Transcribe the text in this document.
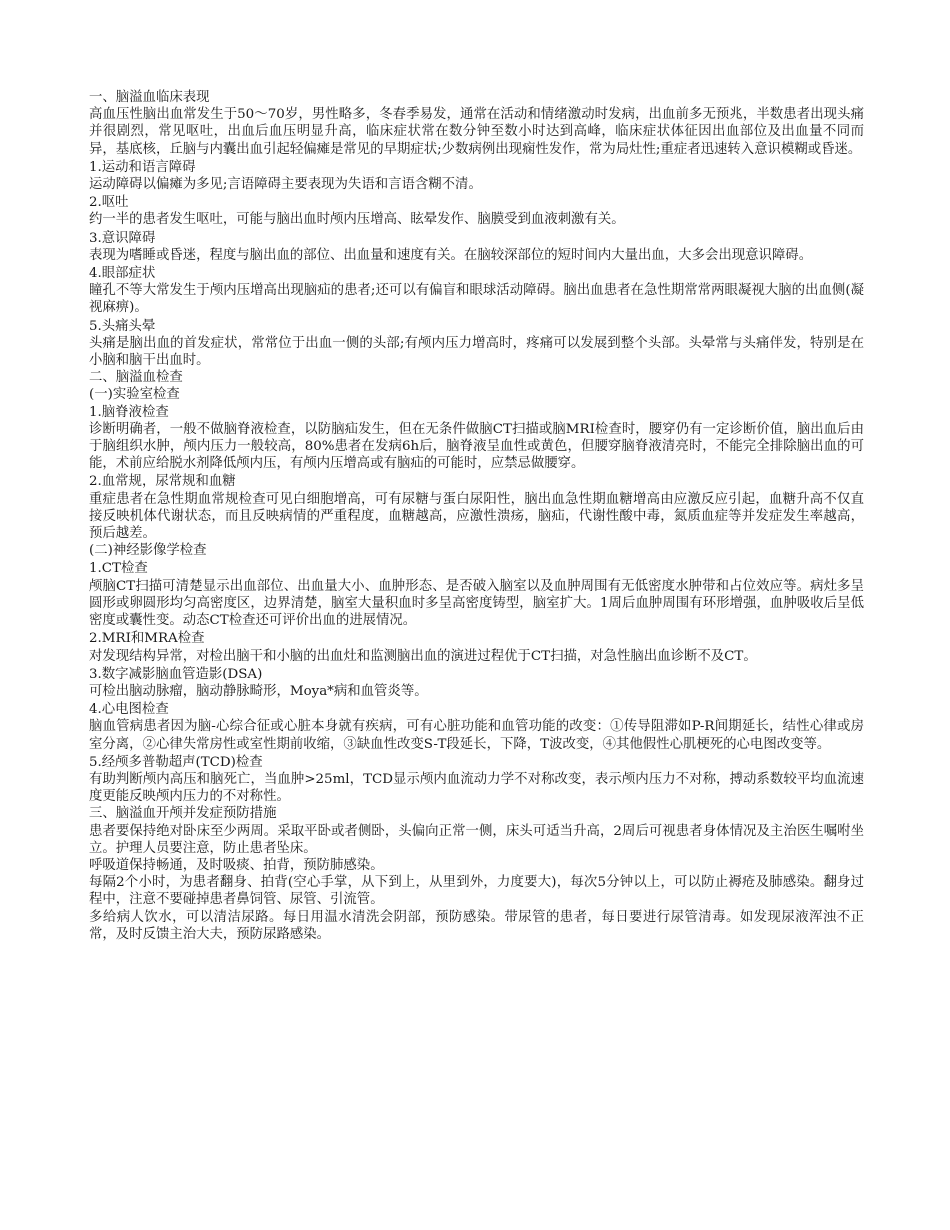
一、脑溢血临床表现

高血压性脑出血常发生于50～70岁，男性略多，冬春季易发，通常在活动和情绪激动时发病，出血前多无预兆，半数患者出现头痛并很剧烈，常见呕吐，出血后血压明显升高，临床症状常在数分钟至数小时达到高峰，临床症状体征因出血部位及出血量不同而异，基底核，丘脑与内囊出血引起轻偏瘫是常见的早期症状;少数病例出现痫性发作，常为局灶性;重症者迅速转入意识模糊或昏迷。

1.运动和语言障碍

运动障碍以偏瘫为多见;言语障碍主要表现为失语和言语含糊不清。

2.呕吐

约一半的患者发生呕吐，可能与脑出血时颅内压增高、眩晕发作、脑膜受到血液刺激有关。

3.意识障碍

表现为嗜睡或昏迷，程度与脑出血的部位、出血量和速度有关。在脑较深部位的短时间内大量出血，大多会出现意识障碍。

4.眼部症状

瞳孔不等大常发生于颅内压增高出现脑疝的患者;还可以有偏盲和眼球活动障碍。脑出血患者在急性期常常两眼凝视大脑的出血侧(凝视麻痹)。

5.头痛头晕

头痛是脑出血的首发症状，常常位于出血一侧的头部;有颅内压力增高时，疼痛可以发展到整个头部。头晕常与头痛伴发，特别是在小脑和脑干出血时。

二、脑溢血检查

(一)实验室检查

1.脑脊液检查

诊断明确者，一般不做脑脊液检查，以防脑疝发生，但在无条件做脑CT扫描或脑MRI检查时，腰穿仍有一定诊断价值，脑出血后由于脑组织水肿，颅内压力一般较高，80%患者在发病6h后，脑脊液呈血性或黄色，但腰穿脑脊液清亮时，不能完全排除脑出血的可能，术前应给脱水剂降低颅内压，有颅内压增高或有脑疝的可能时，应禁忌做腰穿。

2.血常规，尿常规和血糖

重症患者在急性期血常规检查可见白细胞增高，可有尿糖与蛋白尿阳性，脑出血急性期血糖增高由应激反应引起，血糖升高不仅直接反映机体代谢状态，而且反映病情的严重程度，血糖越高，应激性溃疡，脑疝，代谢性酸中毒，氮质血症等并发症发生率越高，预后越差。

(二)神经影像学检查

1.CT检查

颅脑CT扫描可清楚显示出血部位、出血量大小、血肿形态、是否破入脑室以及血肿周围有无低密度水肿带和占位效应等。病灶多呈圆形或卵圆形均匀高密度区，边界清楚，脑室大量积血时多呈高密度铸型，脑室扩大。1周后血肿周围有环形增强，血肿吸收后呈低密度或囊性变。动态CT检查还可评价出血的进展情况。

2.MRI和MRA检查

对发现结构异常，对检出脑干和小脑的出血灶和监测脑出血的演进过程优于CT扫描，对急性脑出血诊断不及CT。

3.数字减影脑血管造影(DSA)

可检出脑动脉瘤，脑动静脉畸形，Moya*病和血管炎等。

4.心电图检查

脑血管病患者因为脑-心综合征或心脏本身就有疾病，可有心脏功能和血管功能的改变：①传导阻滞如P-R间期延长，结性心律或房室分离，②心律失常房性或室性期前收缩，③缺血性改变S-T段延长，下降，T波改变，④其他假性心肌梗死的心电图改变等。

5.经颅多普勒超声(TCD)检查

有助判断颅内高压和脑死亡，当血肿>25ml，TCD显示颅内血流动力学不对称改变，表示颅内压力不对称，搏动系数较平均血流速度更能反映颅内压力的不对称性。

三、脑溢血开颅并发症预防措施

患者要保持绝对卧床至少两周。采取平卧或者侧卧，头偏向正常一侧，床头可适当升高，2周后可视患者身体情况及主治医生嘱咐坐立。护理人员要注意，防止患者坠床。

呼吸道保持畅通，及时吸痰、拍背，预防肺感染。

每隔2个小时，为患者翻身、拍背(空心手掌，从下到上，从里到外，力度要大)，每次5分钟以上，可以防止褥疮及肺感染。翻身过程中，注意不要碰掉患者鼻饲管、尿管、引流管。

多给病人饮水，可以清洁尿路。每日用温水清洗会阴部，预防感染。带尿管的患者，每日要进行尿管清毒。如发现尿液浑浊不正常，及时反馈主治大夫，预防尿路感染。
